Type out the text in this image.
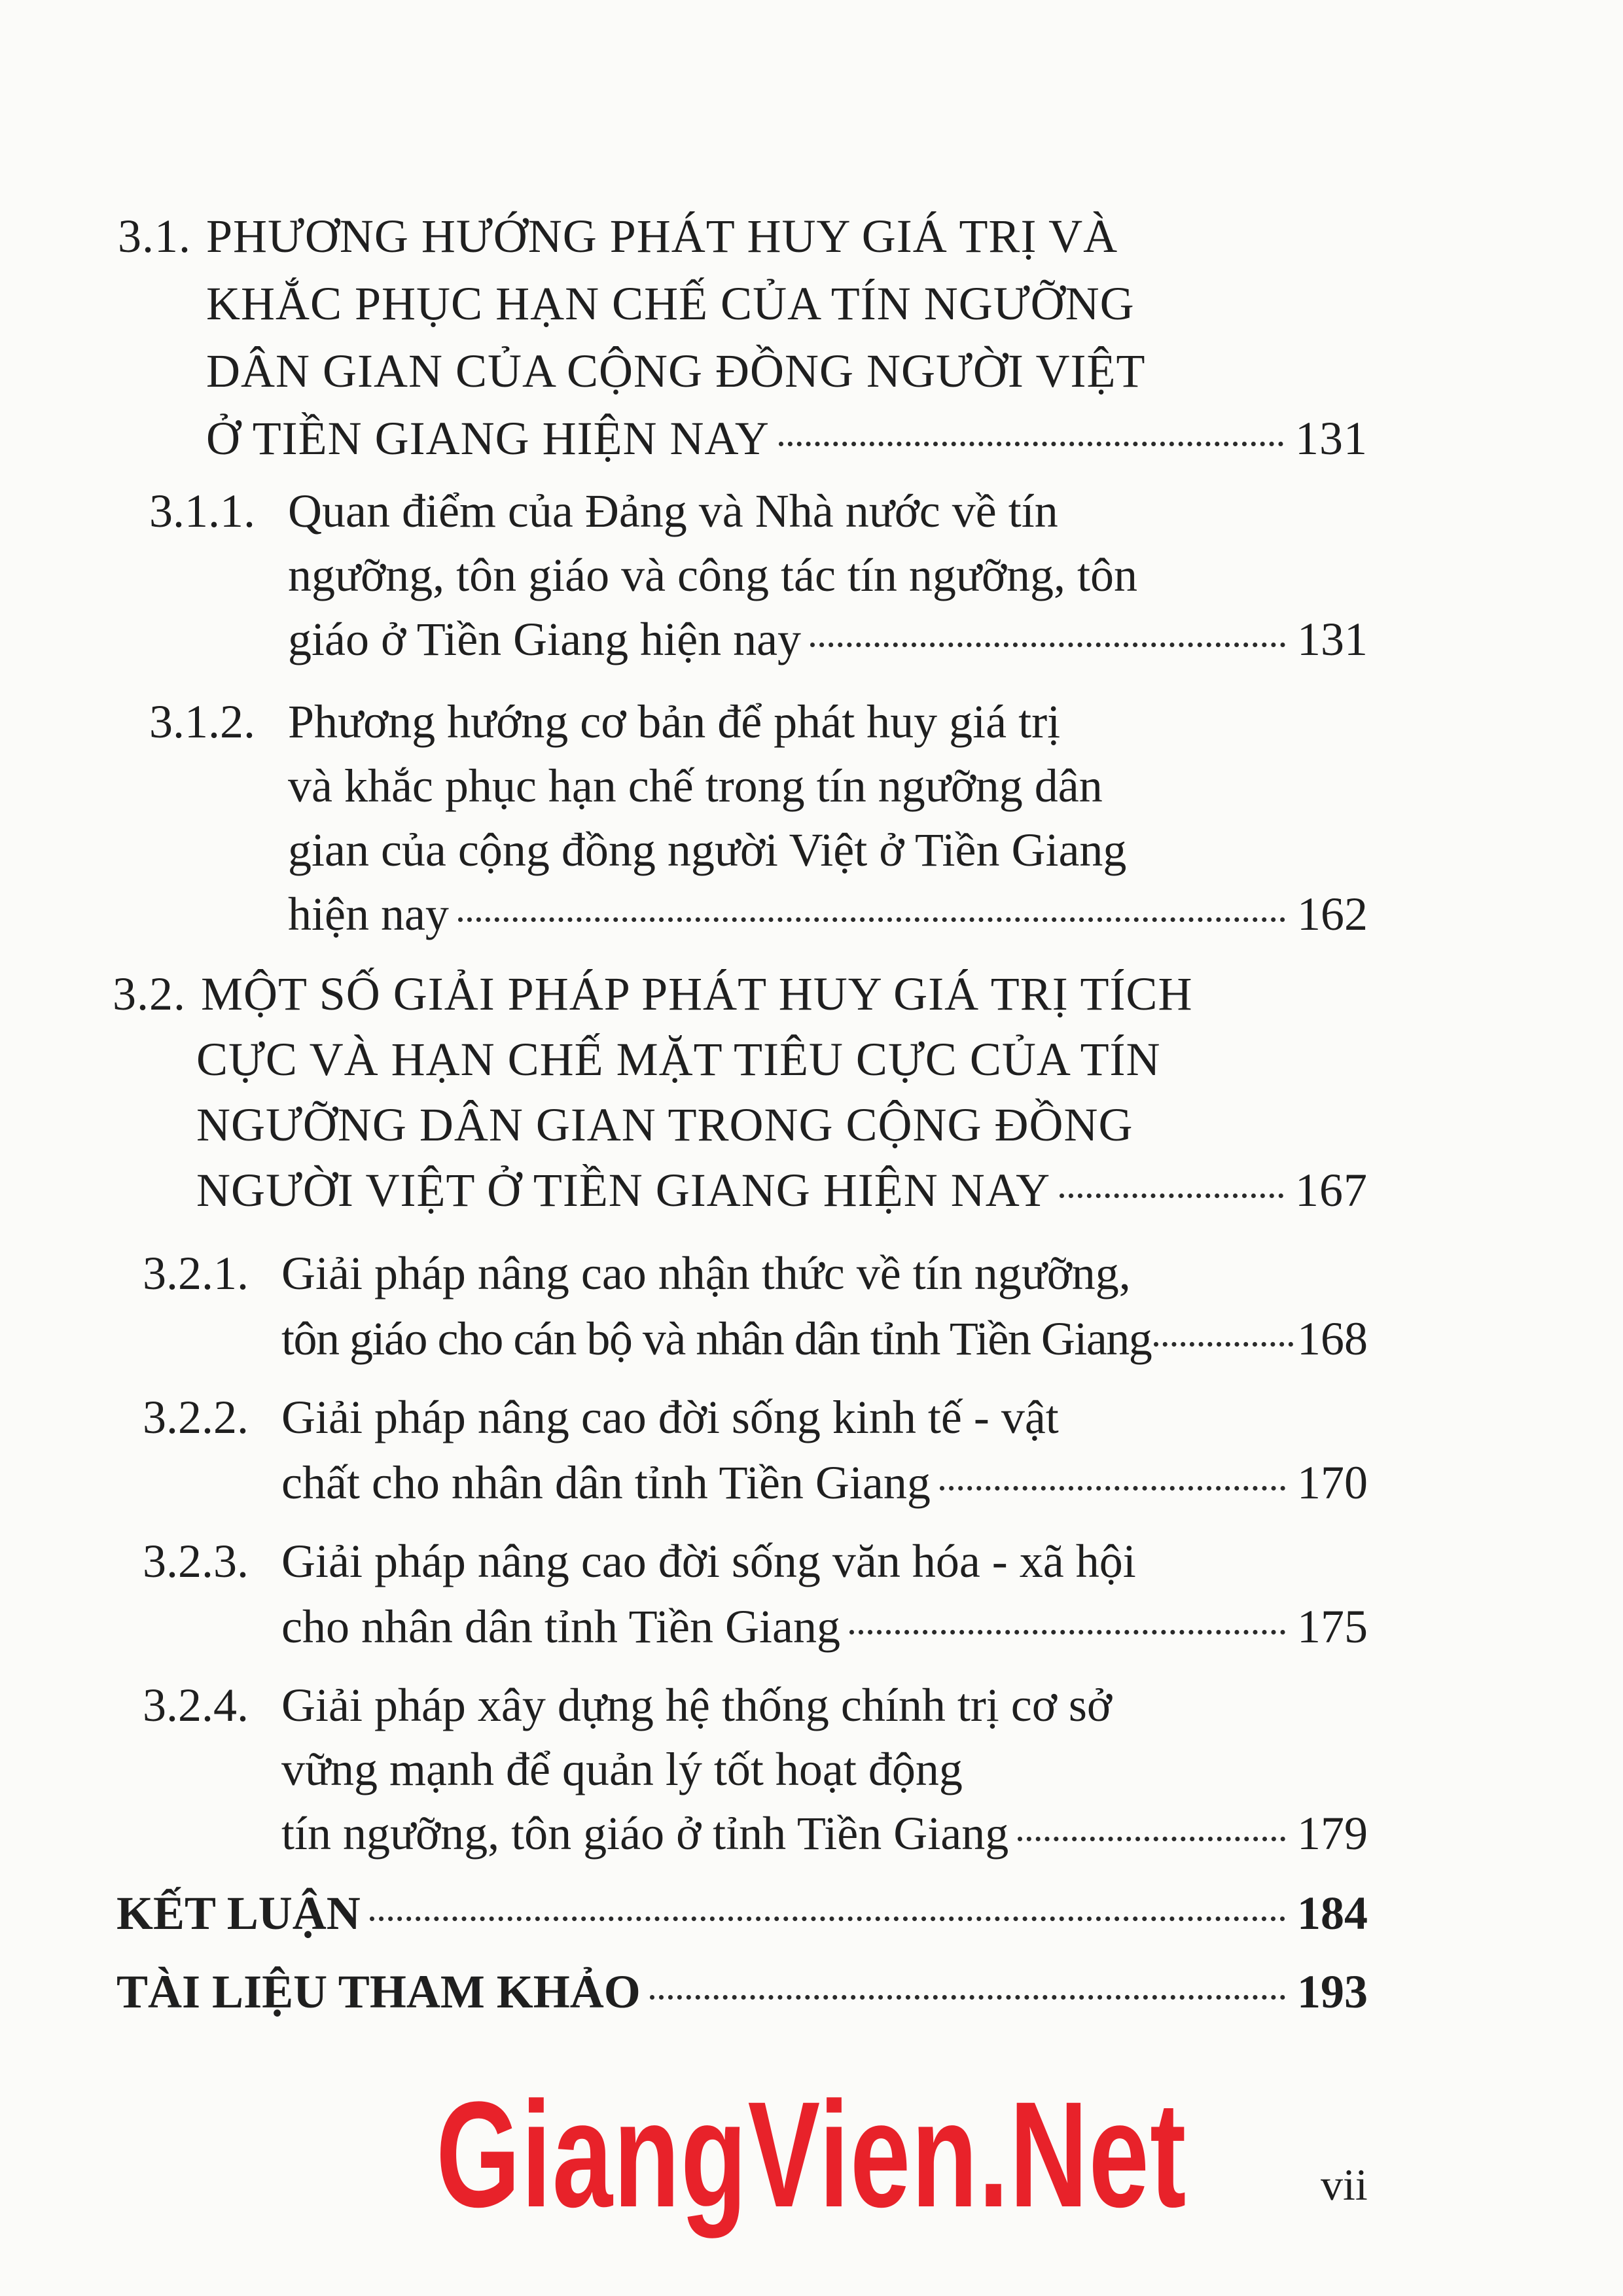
3.1. PHƯƠNG HƯỚNG PHÁT HUY GIÁ TRỊ VÀ
KHẮC PHỤC HẠN CHẾ CỦA TÍN NGƯỠNG
DÂN GIAN CỦA CỘNG ĐỒNG NGƯỜI VIỆT
Ở TIỀN GIANG HIỆN NAY	131
3.1.1. Quan điểm của Đảng và Nhà nước về tín
ngưỡng, tôn giáo và công tác tín ngưỡng, tôn
giáo ở Tiền Giang hiện nay	131
3.1.2. Phương hướng cơ bản để phát huy giá trị
và khắc phục hạn chế trong tín ngưỡng dân
gian của cộng đồng người Việt ở Tiền Giang
hiện nay	162
3.2. MỘT SỐ GIẢI PHÁP PHÁT HUY GIÁ TRỊ TÍCH
CỰC VÀ HẠN CHẾ MẶT TIÊU CỰC CỦA TÍN
NGƯỠNG DÂN GIAN TRONG CỘNG ĐỒNG
NGƯỜI VIỆT Ở TIỀN GIANG HIỆN NAY	167
3.2.1. Giải pháp nâng cao nhận thức về tín ngưỡng,
tôn giáo cho cán bộ và nhân dân tỉnh Tiền Giang	168
3.2.2. Giải pháp nâng cao đời sống kinh tế - vật
chất cho nhân dân tỉnh Tiền Giang	170
3.2.3. Giải pháp nâng cao đời sống văn hóa - xã hội
cho nhân dân tỉnh Tiền Giang	175
3.2.4. Giải pháp xây dựng hệ thống chính trị cơ sở
vững mạnh để quản lý tốt hoạt động
tín ngưỡng, tôn giáo ở tỉnh Tiền Giang	179
KẾT LUẬN	184
TÀI LIỆU THAM KHẢO	193
GiangVien.Net	vii
